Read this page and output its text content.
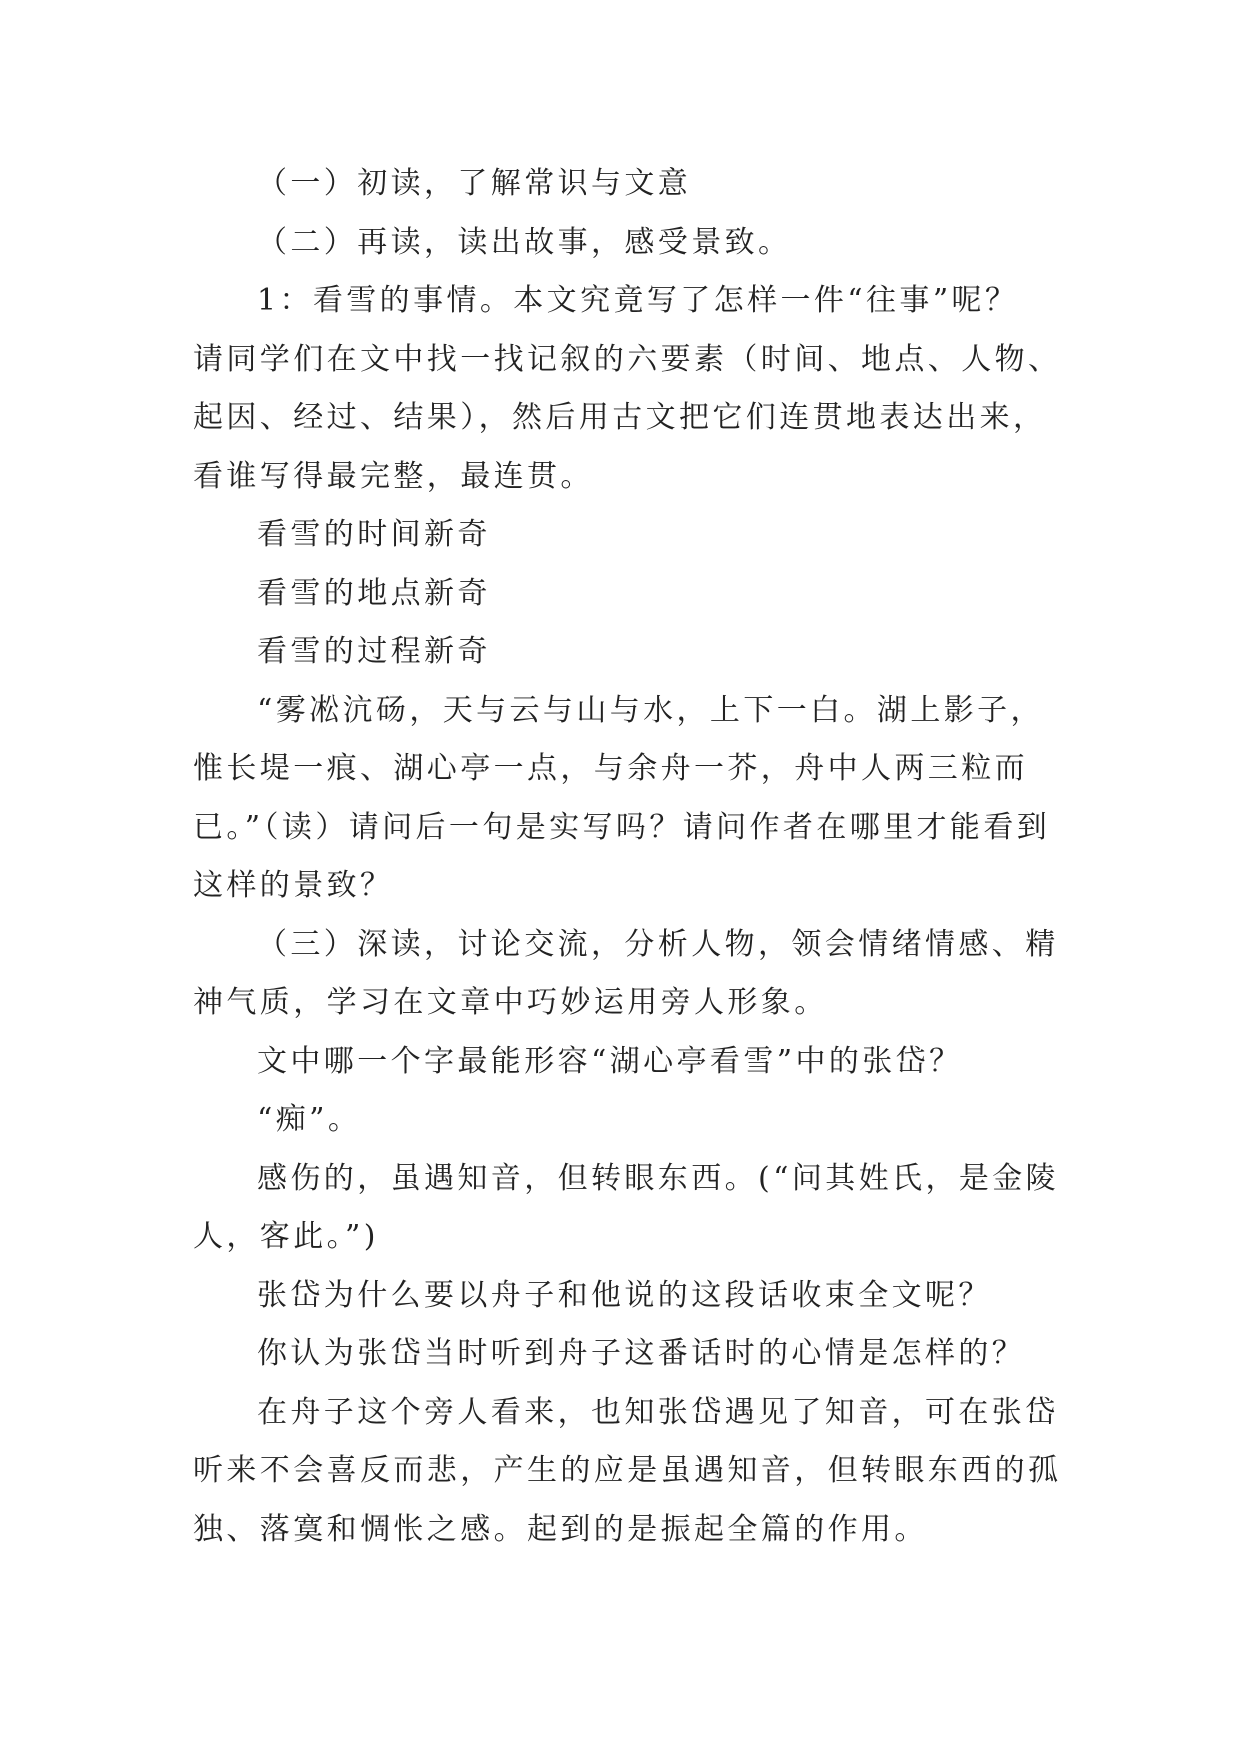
（一）初读，了解常识与文意

（二）再读，读出故事，感受景致。

1：看雪的事情。本文究竟写了怎样一件“往事”呢？

请同学们在文中找一找记叙的六要素（时间、地点、人物、

起因、经过、结果），然后用古文把它们连贯地表达出来，

看谁写得最完整，最连贯。

看雪的时间新奇

看雪的地点新奇

看雪的过程新奇

“雾凇沆砀，天与云与山与水，上下一白。湖上影子，

惟长堤一痕、湖心亭一点，与余舟一芥，舟中人两三粒而

已。”（读）请问后一句是实写吗？请问作者在哪里才能看到

这样的景致？

（三）深读，讨论交流，分析人物，领会情绪情感、精

神气质，学习在文章中巧妙运用旁人形象。

文中哪一个字最能形容“湖心亭看雪”中的张岱？

“痴”。

感伤的，虽遇知音，但转眼东西。(“问其姓氏，是金陵

人，客此。”)

张岱为什么要以舟子和他说的这段话收束全文呢？

你认为张岱当时听到舟子这番话时的心情是怎样的？

在舟子这个旁人看来，也知张岱遇见了知音，可在张岱

听来不会喜反而悲，产生的应是虽遇知音，但转眼东西的孤

独、落寞和惆怅之感。起到的是振起全篇的作用。
